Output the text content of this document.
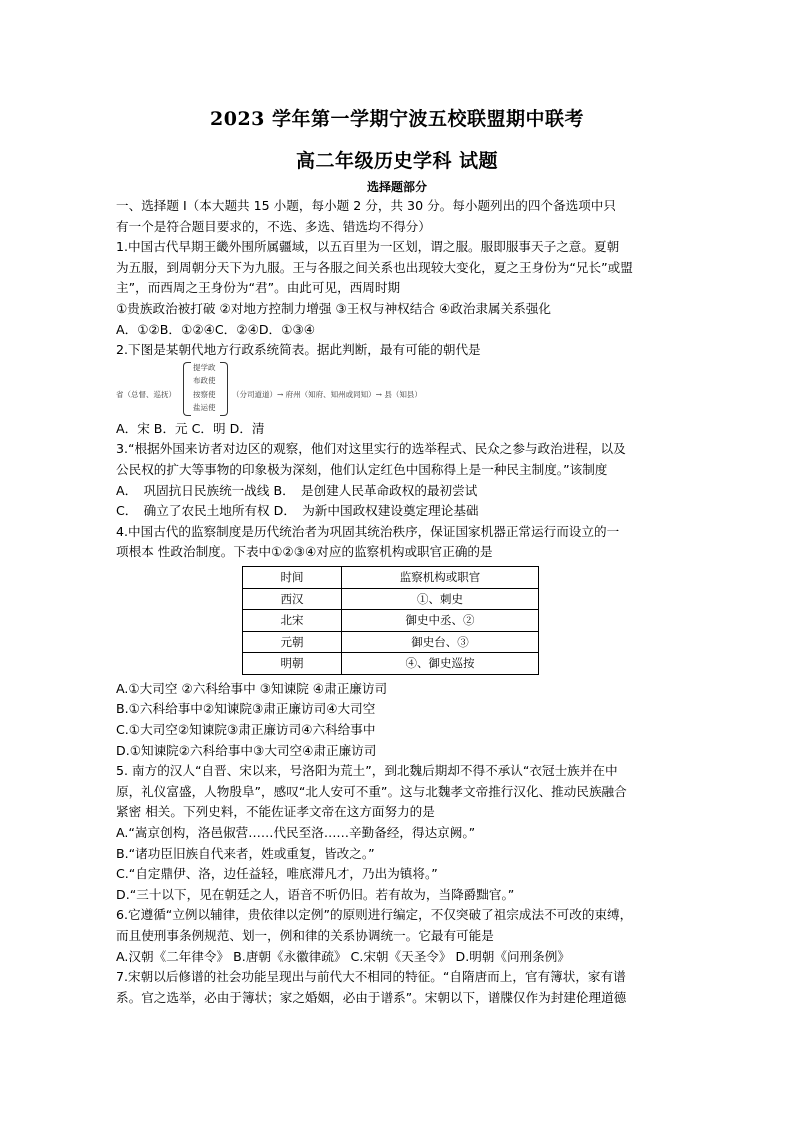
2023 学年第一学期宁波五校联盟期中联考
高二年级历史学科 试题
选择题部分

一、选择题 I（本大题共 15 小题，每小题 2 分，共 30 分。每小题列出的四个备选项中只

有一个是符合题目要求的，不选、多选、错选均不得分）

1.中国古代早期王畿外围所属疆域，以五百里为一区划，谓之服。服即服事天子之意。夏朝

为五服，到周朝分天下为九服。王与各服之间关系也出现较大变化，夏之王身份为“兄长”或盟

主”，而西周之王身份为“君”。由此可见，西周时期

①贵族政治被打破 ②对地方控制力增强 ③王权与神权结合 ④政治隶属关系强化

A．①②B．①②④C．②④D．①③④

2.下图是某朝代地方行政系统简表。据此判断，最有可能的朝代是

省（总督、巡抚）
提学政
布政使
按察使
盐运使
（分司道道）→ 府州（知府、知州或同知）→ 县（知县）

A．宋 B．元 C．明 D．清

3.“根据外国来访者对边区的观察，他们对这里实行的选举程式、民众之参与政治进程，以及

公民权的扩大等事物的印象极为深刻，他们认定红色中国称得上是一种民主制度。”该制度

A．　巩固抗日民族统一战线 B．　是创建人民革命政权的最初尝试

C．　确立了农民土地所有权 D．　为新中国政权建设奠定理论基础

4.中国古代的监察制度是历代统治者为巩固其统治秩序，保证国家机器正常运行而设立的一

项根本 性政治制度。下表中①②③④对应的监察机构或职官正确的是

时间	监察机构或职官
西汉	①、刺史
北宋	御史中丞、②
元朝	御史台、③
明朝	④、御史巡按

A.①大司空 ②六科给事中 ③知谏院 ④肃正廉访司

B.①六科给事中②知谏院③肃正廉访司④大司空

C.①大司空②知谏院③肃正廉访司④六科给事中

D.①知谏院②六科给事中③大司空④肃正廉访司

5. 南方的汉人“自晋、宋以来，号洛阳为荒土”，到北魏后期却不得不承认“衣冠士族并在中

原，礼仪富盛，人物殷阜”，感叹“北人安可不重”。这与北魏孝文帝推行汉化、推动民族融合

紧密 相关。下列史料，不能佐证孝文帝在这方面努力的是

A.“嵩京创构，洛邑俶营……代民至洛……辛勤备经，得达京阙。”

B.“诸功臣旧族自代来者，姓或重复，皆改之。”

C.“自定鼎伊、洛，边任益轻，唯底滞凡才，乃出为镇将。”

D.“三十以下，见在朝廷之人，语音不听仍旧。若有故为，当降爵黜官。”

6.它遵循“立例以辅律，贵依律以定例”的原则进行编定，不仅突破了祖宗成法不可改的束缚，

而且使刑事条例规范、划一，例和律的关系协调统一。它最有可能是

A.汉朝《二年律令》 B.唐朝《永徽律疏》 C.宋朝《天圣令》 D.明朝《问刑条例》

7.宋朝以后修谱的社会功能呈现出与前代大不相同的特征。“自隋唐而上，官有簿状，家有谱

系。官之选举，必由于簿状；家之婚姻，必由于谱系”。宋朝以下，谱牒仅作为封建伦理道德
